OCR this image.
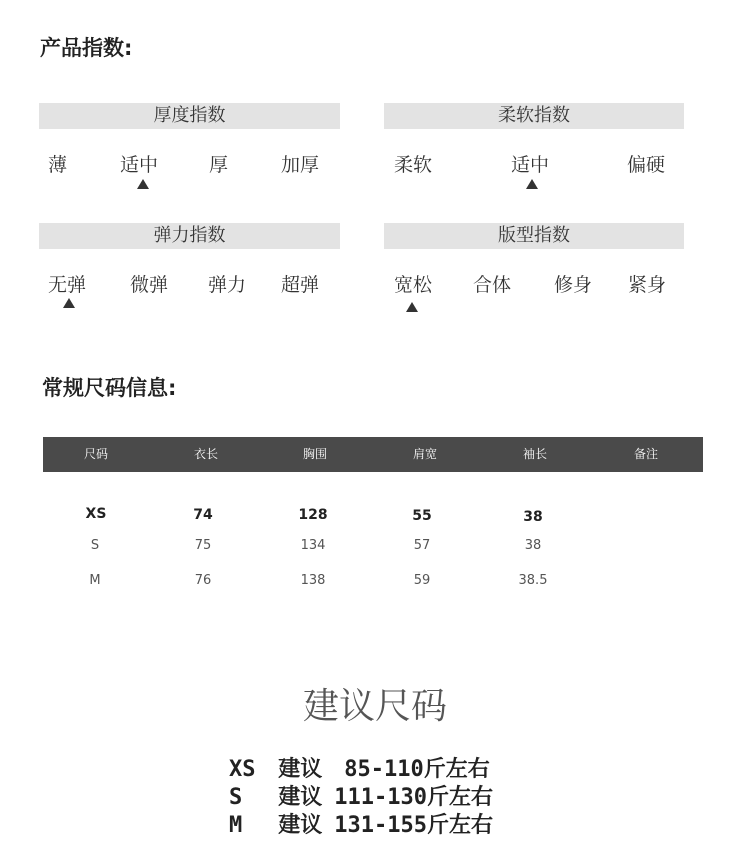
产品指数:
厚度指数
薄	适中	厚	加厚
柔软指数
柔软	适中	偏硬
弹力指数
无弹 微弹 弹力 超弹
版型指数
宽松 合体 修身 紧身
常规尺码信息:
尺码	衣长	胸围	肩宽	袖长	备注
XS	74	128	55	38
S	75	134	57	38
M	76	138	59	38.5
建议尺码
XS 建议 85-110斤左右
S 建议 111-130斤左右
M 建议 131-155斤左右
